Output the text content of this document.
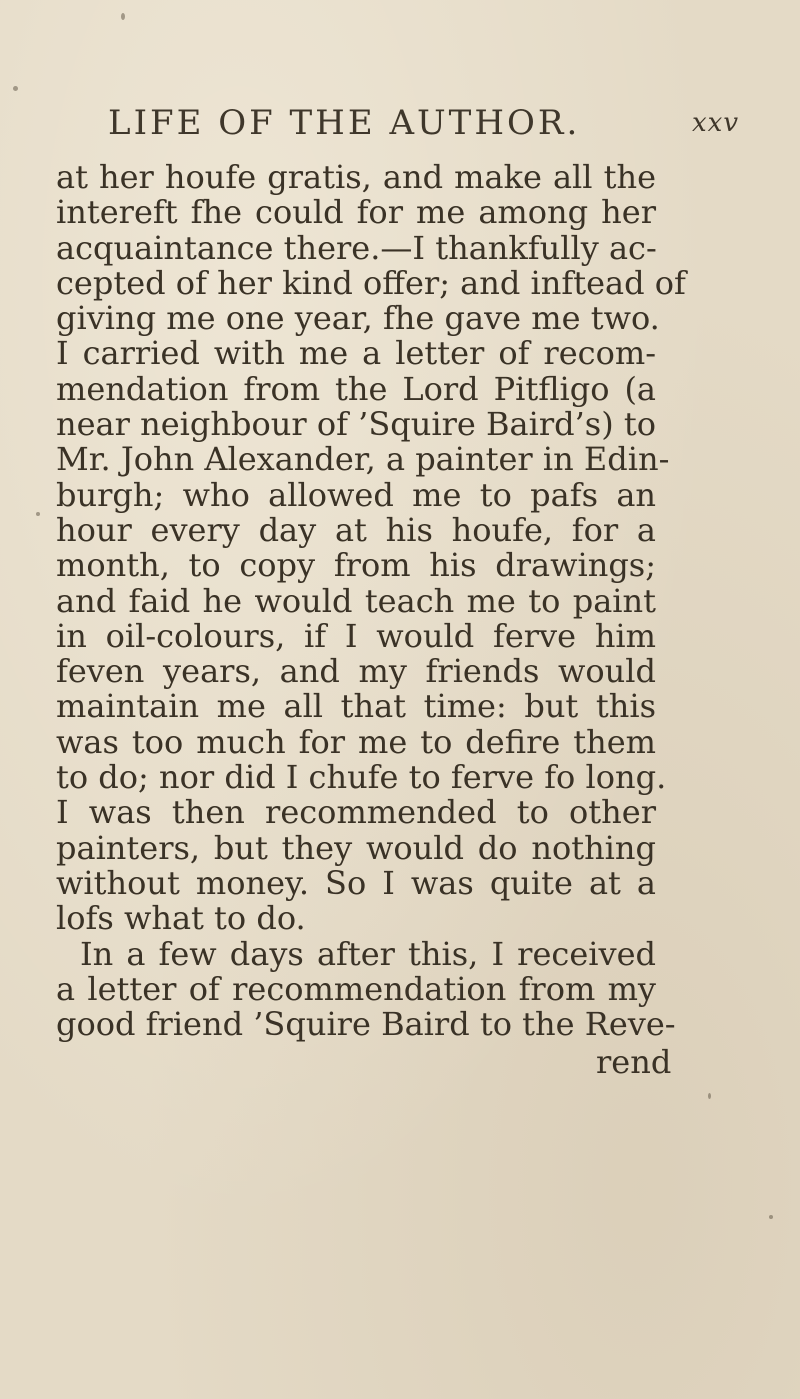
LIFE OF THE AUTHOR.	xxv
at her houfe gratis, and make all the
intereft fhe could for me among her
acquaintance there.—I thankfully ac-
cepted of her kind offer; and inftead of
giving me one year, fhe gave me two.
I carried with me a letter of recom-
mendation from the Lord Pitfligo (a
near neighbour of ’Squire Baird’s) to
Mr. John Alexander, a painter in Edin-
burgh; who allowed me to pafs an
hour every day at his houfe, for a
month, to copy from his drawings;
and faid he would teach me to paint
in oil-colours, if I would ferve him
feven years, and my friends would
maintain me all that time: but this
was too much for me to defire them
to do; nor did I chufe to ferve fo long.
I was then recommended to other
painters, but they would do nothing
without money. So I was quite at a
lofs what to do.
In a few days after this, I received
a letter of recommendation from my
good friend ’Squire Baird to the Reve-
rend
